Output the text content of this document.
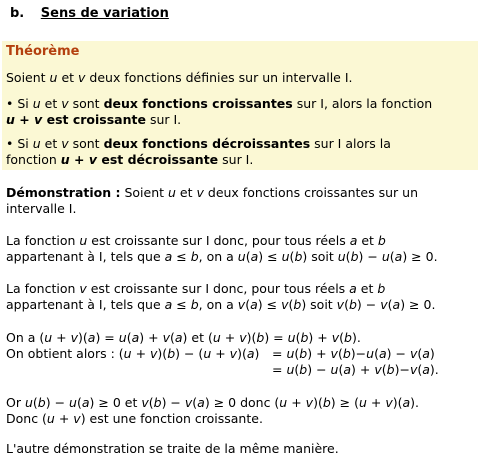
b. Sens de variation
Théorème
Soient u et v deux fonctions définies sur un intervalle I.
• Si u et v sont deux fonctions croissantes sur I, alors la fonction
u + v est croissante sur I.
• Si u et v sont deux fonctions décroissantes sur I alors la
fonction u + v est décroissante sur I.
Démonstration : Soient u et v deux fonctions croissantes sur un
intervalle I.
La fonction u est croissante sur I donc, pour tous réels a et b
appartenant à I, tels que a ≤ b, on a u(a) ≤ u(b) soit u(b) − u(a) ≥ 0.
La fonction v est croissante sur I donc, pour tous réels a et b
appartenant à I, tels que a ≤ b, on a v(a) ≤ v(b) soit v(b) − v(a) ≥ 0.
On a (u + v)(a) = u(a) + v(a) et (u + v)(b) = u(b) + v(b).
On obtient alors : (u + v)(b) − (u + v)(a) = u(b) + v(b)−u(a) − v(a)
= u(b) − u(a) + v(b)−v(a).
Or u(b) − u(a) ≥ 0 et v(b) − v(a) ≥ 0 donc (u + v)(b) ≥ (u + v)(a).
Donc (u + v) est une fonction croissante.
L'autre démonstration se traite de la même manière.
